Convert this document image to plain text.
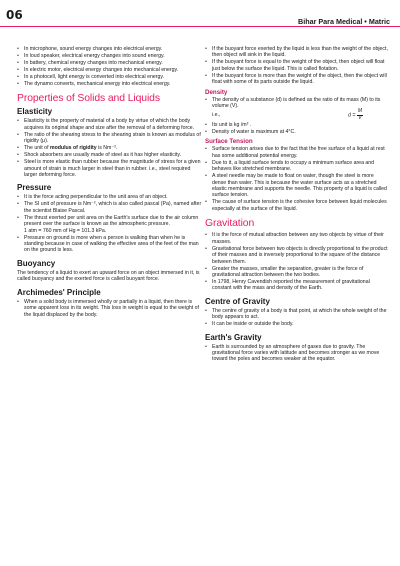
06	Bihar Para Medical • Matric
• In microphone, sound energy changes into electrical energy.
• In loud speaker, electrical energy changes into sound energy.
• In battery, chemical energy changes into mechanical energy.
• In electric motor, electrical energy changes into mechanical energy.
• In a photocell, light energy is converted into electrical energy.
• The dynamo converts, mechanical energy into electrical energy.
Properties of Solids and Liquids
Elasticity
• Elasticity is the property of material of a body by virtue of which the body acquires its original shape and size after the removal of a deforming force.
• The ratio of the shearing stress to the shearing strain is known as modulus of rigidity (μ).
• The unit of modulus of rigidity is Nm⁻².
• Shock absorbers are usually made of steel as it has higher elasticity.
• Steel is more elastic than rubber because the magnitude of stress for a given amount of strain is much larger in steel than in rubber. i.e., steel required larger deforming force.
Pressure
• It is the force acting perpendicular to the unit area of an object.
• The SI unit of pressure is Nm⁻², which is also called pascal (Pa), named after the scientist Blaise Pascal.
• The thrust exerted per unit area on the Earth's surface due to the air column present over the surface is known as the atmospheric pressure.
1 atm = 760 mm of Hg = 101.3 kPa.
• Pressure on ground is more when a person is walking than when he is standing because in case of walking the effective area of the feet of the man on the ground is less.
Buoyancy

The tendency of a liquid to exert an upward force on an object immersed in it, is called buoyancy and the exerted force is called buoyant force.

Archimedes' Principle
• When a solid body is immersed wholly or partially in a liquid, then there is some apparent loss in its weight. This loss in weight is equal to the weight of the liquid displaced by the body.
• If the buoyant force exerted by the liquid is less than the weight of the object, then object will sink in the liquid.
• If the buoyant force is equal to the weight of the object, then object will float just below the surface the liquid. This is called flotation.
• If the buoyant force is more than the weight of the object, then the object will float with some of its parts outside the liquid.
Density
• The density of a substance (d) is defined as the ratio of its mass (M) to its volume (V).
i.e.,	$d = \frac{M}{V}$
• Its unit is kg /m³ .
• Density of water is maximum at 4°C.
Surface Tension
• Surface tension arises due to the fact that the free surface of a liquid at rest has some additional potential energy.
• Due to it, a liquid surface tends to occupy a minimum surface area and behaves like stretched membrane.
• A steel needle may be made to float on water, though the steel is more dense than water. This is because the water surface acts as a stretched elastic membrane and supports the needle. This property of a liquid is called surface tension.
• The cause of surface tension is the cohesive force between liquid molecules especially at the surface of the liquid.
Gravitation
• It is the force of mutual attraction between any two objects by virtue of their masses.
• Gravitational force between two objects is directly proportional to the product of their masses and is inversely proportional to the square of the distance between them.
• Greater the masses, smaller the separation, greater is the force of gravitational attraction between the two bodies.
• In 1798, Henry Cavendish reported the measurement of gravitational constant with the mass and density of the Earth.
Centre of Gravity
• The centre of gravity of a body is that point, at which the whole weight of the body appears to act.
• It can be inside or outside the body.
Earth's Gravity
• Earth is surrounded by an atmosphere of gases due to gravity. The gravitational force varies with latitude and becomes stronger as we move toward the poles and becomes weaker at the equator.
